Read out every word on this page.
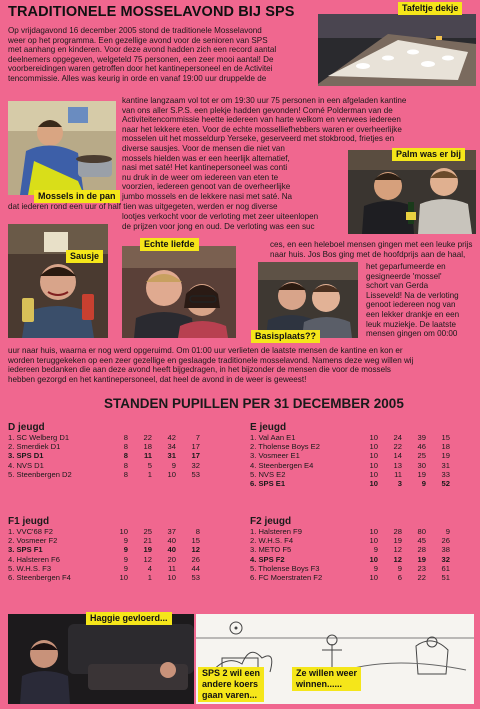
TRADITIONELE MOSSELAVOND BIJ SPS	Tafeltje dekje

Op vrijdagavond 16 december 2005 stond de traditionele Mosselavond

weer op het programma. Een gezellige avond voor de senioren van SPS

met aanhang en kinderen. Voor deze avond hadden zich een record aantal

deelnemers opgegeven, welgeteld 75 personen, een zeer mooi aantal! De

voorbereidingen waren getroffen door het kantinepersoneel en de Activitei

tencommissie. Alles was keurig in orde en vanaf 19:00 uur druppelde de

Mossels in de pan

kantine langzaam vol tot er om 19:30 uur 75 personen in een afgeladen kantine

van ons aller S.P.S. een plekje hadden gevonden! Corné Polderman van de

Activiteitencommissie heette iedereen van harte welkom en verwees iedereen

naar het lekkere eten. Voor de echte mosselliefhebbers waren er overheerlijke

mosselen uit het mosseldurp Yerseke, geserveerd met stokbrood, frietjes en

diverse sausjes. Voor de mensen die niet van

mossels hielden was er een heerlijk alternatief,

nasi met saté! Het kantinepersoneel was conti

nu druk in de weer om iedereen van eten te

voorzien, iedereen genoot van de overheerlijke

jumbo mossels en de lekkere nasi met saté. Na

Palm was er bij
dat iederen rond een uur of half tien was uitgegeten, werden er nog diverse
Sausje

lootjes verkocht voor de verloting met zeer uiteenlopen

de prijzen voor jong en oud. De verloting was een suc

Echte liefde	ces, en een heleboel mensen gingen met een leuke prijs

naar huis. Jos Bos ging met de hoofdprijs aan de haal,

Basisplaats??

het geparfumeerde en

gesigneerde 'mossel'

schort van Gerda

Lisseveld! Na de verloting

genoot iedereen nog van

een lekker drankje en een

leuk muziekje. De laatste

mensen gingen om 00:00

uur naar huis, waarna er nog werd opgeruimd. Om 01:00 uur verlieten de laatste mensen de kantine en kon er

worden teruggekeken op een zeer gezellige en geslaagde traditionele mosselavond. Namens deze weg willen wij

iedereen bedanken die aan deze avond heeft bijgedragen, in het bijzonder de mensen die voor de mossels

hebben gezorgd en het kantinepersoneel, dat heel de avond in de weer is geweest!

STANDEN PUPILLEN PER 31 DECEMBER 2005
D jeugd
1. SC Welberg D1	8	22	42	7
2. Smerdiek D1	8	18	34	17
3. SPS D1	8	11	31	17
4. NVS D1	8	5	9	32
5. Steenbergen D2	8	1	10	53
E jeugd
1. Val Aan E1	10	24	39	15
2. Tholense Boys E2	10	22	46	18
3. Vosmeer E1	10	14	25	19
4. Steenbergen E4	10	13	30	31
5. NVS E2	10	11	19	33
6. SPS E1	10	3	9	52
F1 jeugd
1. VVC'68 F2	10	25	37	8
2. Vosmeer F2	9	21	40	15
3. SPS F1	9	19	40	12
4. Halsteren F6	9	12	20	26
5. W.H.S. F3	9	4	11	44
6. Steenbergen F4	10	1	10	53
F2 jeugd
1. Halsteren F9	10	28	80	9
2. W.H.S. F4	10	19	45	26
3. METO F5	9	12	28	38
4. SPS F2	10	12	19	32
5. Tholense Boys F3	9	9	23	61
6. FC Moerstraten F2	10	6	22	51
Haggie gevloerd...
SPS 2 wil een
andere koers
gaan varen...
Ze willen weer
winnen......
